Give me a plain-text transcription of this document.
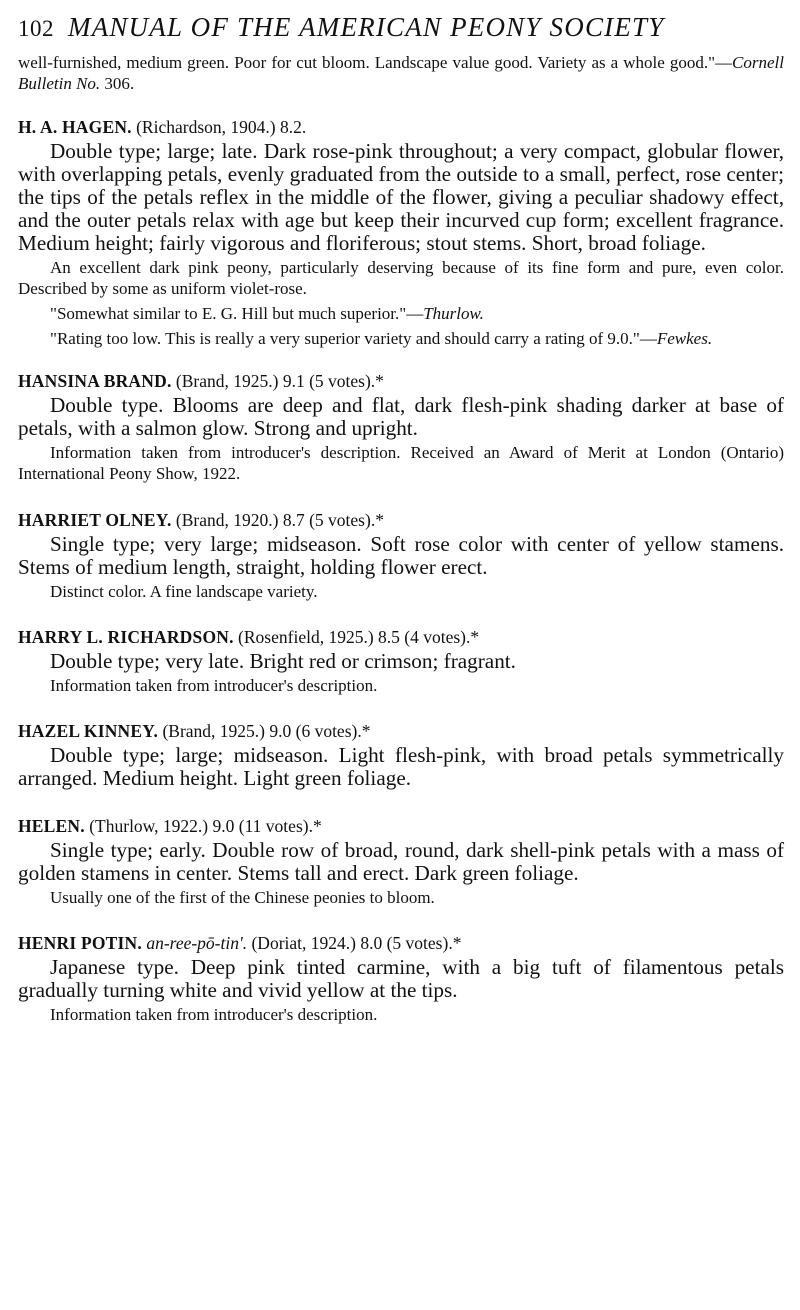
102 MANUAL OF THE AMERICAN PEONY SOCIETY

well-furnished, medium green. Poor for cut bloom. Landscape value good. Variety as a whole good."—Cornell Bulletin No. 306.

H. A. HAGEN. (Richardson, 1904.) 8.2.

Double type; large; late. Dark rose-pink throughout; a very compact, globular flower, with overlapping petals, evenly graduated from the outside to a small, perfect, rose center; the tips of the petals reflex in the middle of the flower, giving a peculiar shadowy effect, and the outer petals relax with age but keep their incurved cup form; excellent fragrance. Medium height; fairly vigorous and floriferous; stout stems. Short, broad foliage.

An excellent dark pink peony, particularly deserving because of its fine form and pure, even color. Described by some as uniform violet-rose.

"Somewhat similar to E. G. Hill but much superior."—Thurlow.

"Rating too low. This is really a very superior variety and should carry a rating of 9.0."—Fewkes.

HANSINA BRAND. (Brand, 1925.) 9.1 (5 votes).*

Double type. Blooms are deep and flat, dark flesh-pink shading darker at base of petals, with a salmon glow. Strong and upright.

Information taken from introducer's description. Received an Award of Merit at London (Ontario) International Peony Show, 1922.

HARRIET OLNEY. (Brand, 1920.) 8.7 (5 votes).*

Single type; very large; midseason. Soft rose color with center of yellow stamens. Stems of medium length, straight, holding flower erect.

Distinct color. A fine landscape variety.

HARRY L. RICHARDSON. (Rosenfield, 1925.) 8.5 (4 votes).*

Double type; very late. Bright red or crimson; fragrant.

Information taken from introducer's description.

HAZEL KINNEY. (Brand, 1925.) 9.0 (6 votes).*

Double type; large; midseason. Light flesh-pink, with broad petals symmetrically arranged. Medium height. Light green foliage.

HELEN. (Thurlow, 1922.) 9.0 (11 votes).*

Single type; early. Double row of broad, round, dark shell-pink petals with a mass of golden stamens in center. Stems tall and erect. Dark green foliage.

Usually one of the first of the Chinese peonies to bloom.

HENRI POTIN. an-ree-pō-tin'. (Doriat, 1924.) 8.0 (5 votes).*

Japanese type. Deep pink tinted carmine, with a big tuft of filamentous petals gradually turning white and vivid yellow at the tips.

Information taken from introducer's description.
